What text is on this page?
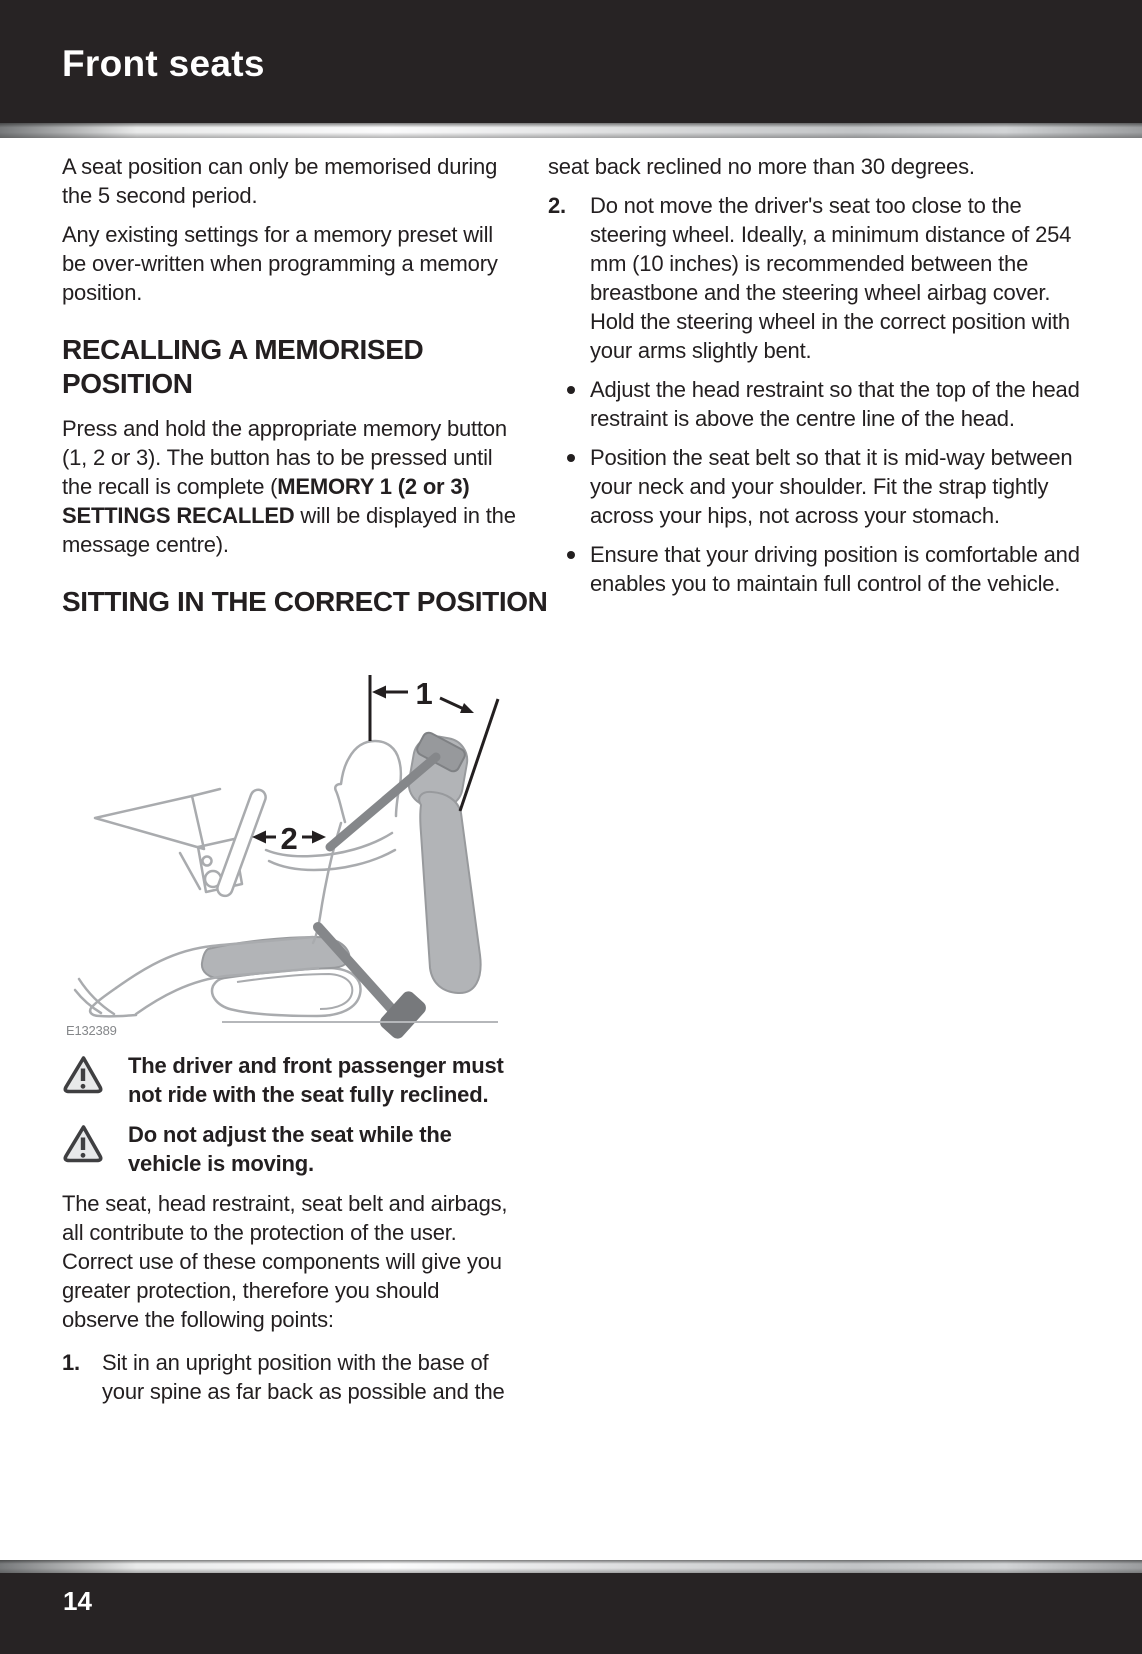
Front seats

A seat position can only be memorised during the 5 second period.

Any existing settings for a memory preset will be over-written when programming a memory position.

RECALLING A MEMORISED POSITION

Press and hold the appropriate memory button (1, 2 or 3). The button has to be pressed until the recall is complete (MEMORY 1 (2 or 3) SETTINGS RECALLED will be displayed in the message centre).

SITTING IN THE CORRECT POSITION
1
2
E132389
The driver and front passenger must not ride with the seat fully reclined.
Do not adjust the seat while the vehicle is moving.

The seat, head restraint, seat belt and airbags, all contribute to the protection of the user. Correct use of these components will give you greater protection, therefore you should observe the following points:

1. Sit in an upright position with the base of your spine as far back as possible and the

seat back reclined no more than 30 degrees.

2. Do not move the driver's seat too close to the steering wheel. Ideally, a minimum distance of 254 mm (10 inches) is recommended between the breastbone and the steering wheel airbag cover. Hold the steering wheel in the correct position with your arms slightly bent.
Adjust the head restraint so that the top of the head restraint is above the centre line of the head.
Position the seat belt so that it is mid-way between your neck and your shoulder. Fit the strap tightly across your hips, not across your stomach.
Ensure that your driving position is comfortable and enables you to maintain full control of the vehicle.
14
